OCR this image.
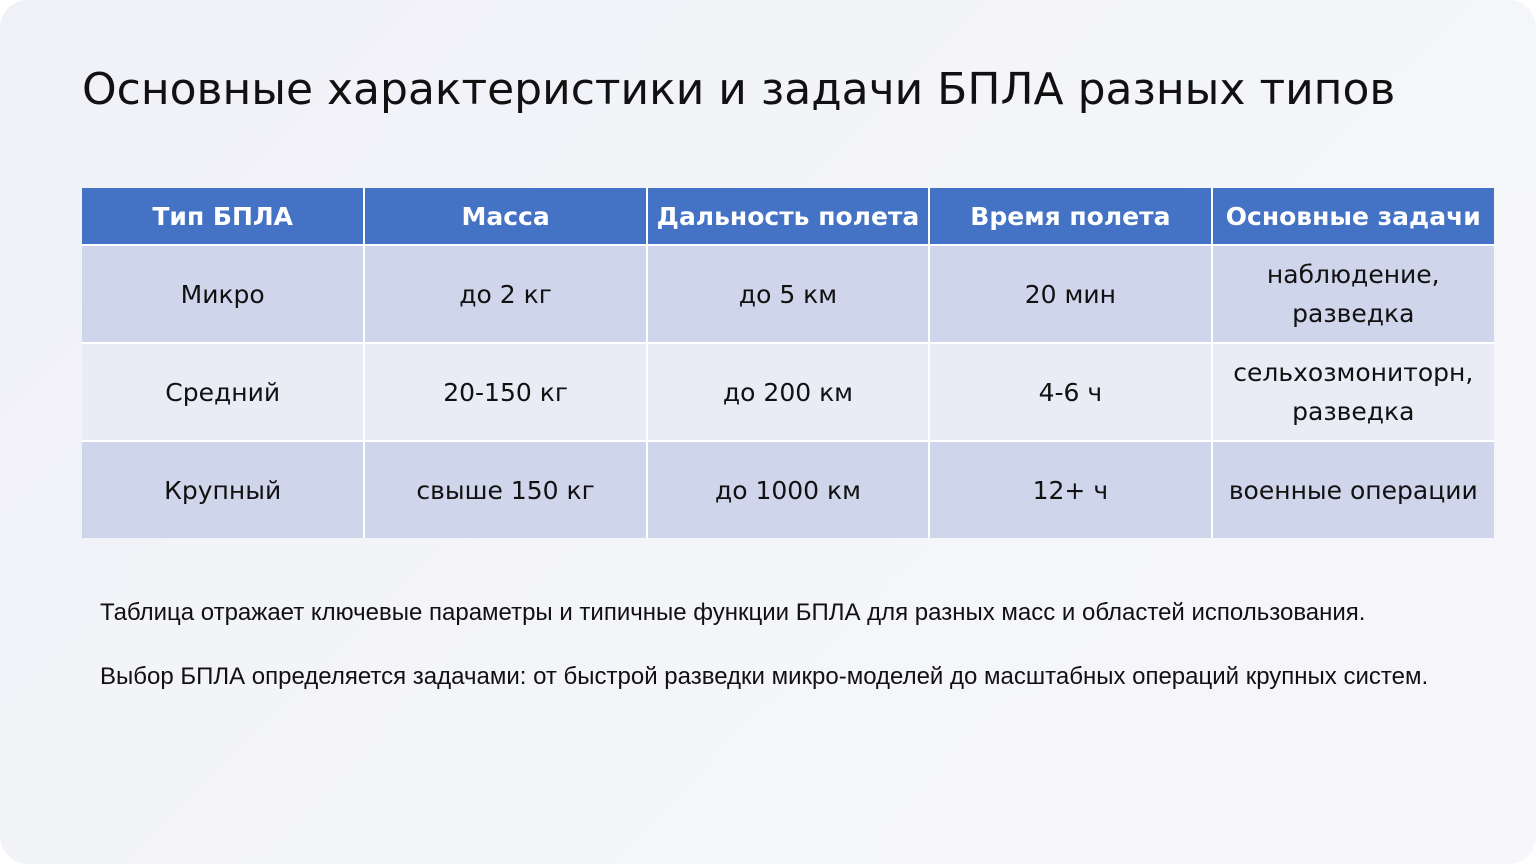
Основные характеристики и задачи БПЛА разных типов
Тип БПЛА	Масса	Дальность полета	Время полета	Основные задачи
Микро	до 2 кг	до 5 км	20 мин	наблюдение, разведка
Средний	20-150 кг	до 200 км	4-6 ч	сельхозмониторн, разведка
Крупный	свыше 150 кг	до 1000 км	12+ ч	военные операции

Таблица отражает ключевые параметры и типичные функции БПЛА для разных масс и областей использования.

Выбор БПЛА определяется задачами: от быстрой разведки микро-моделей до масштабных операций крупных систем.
